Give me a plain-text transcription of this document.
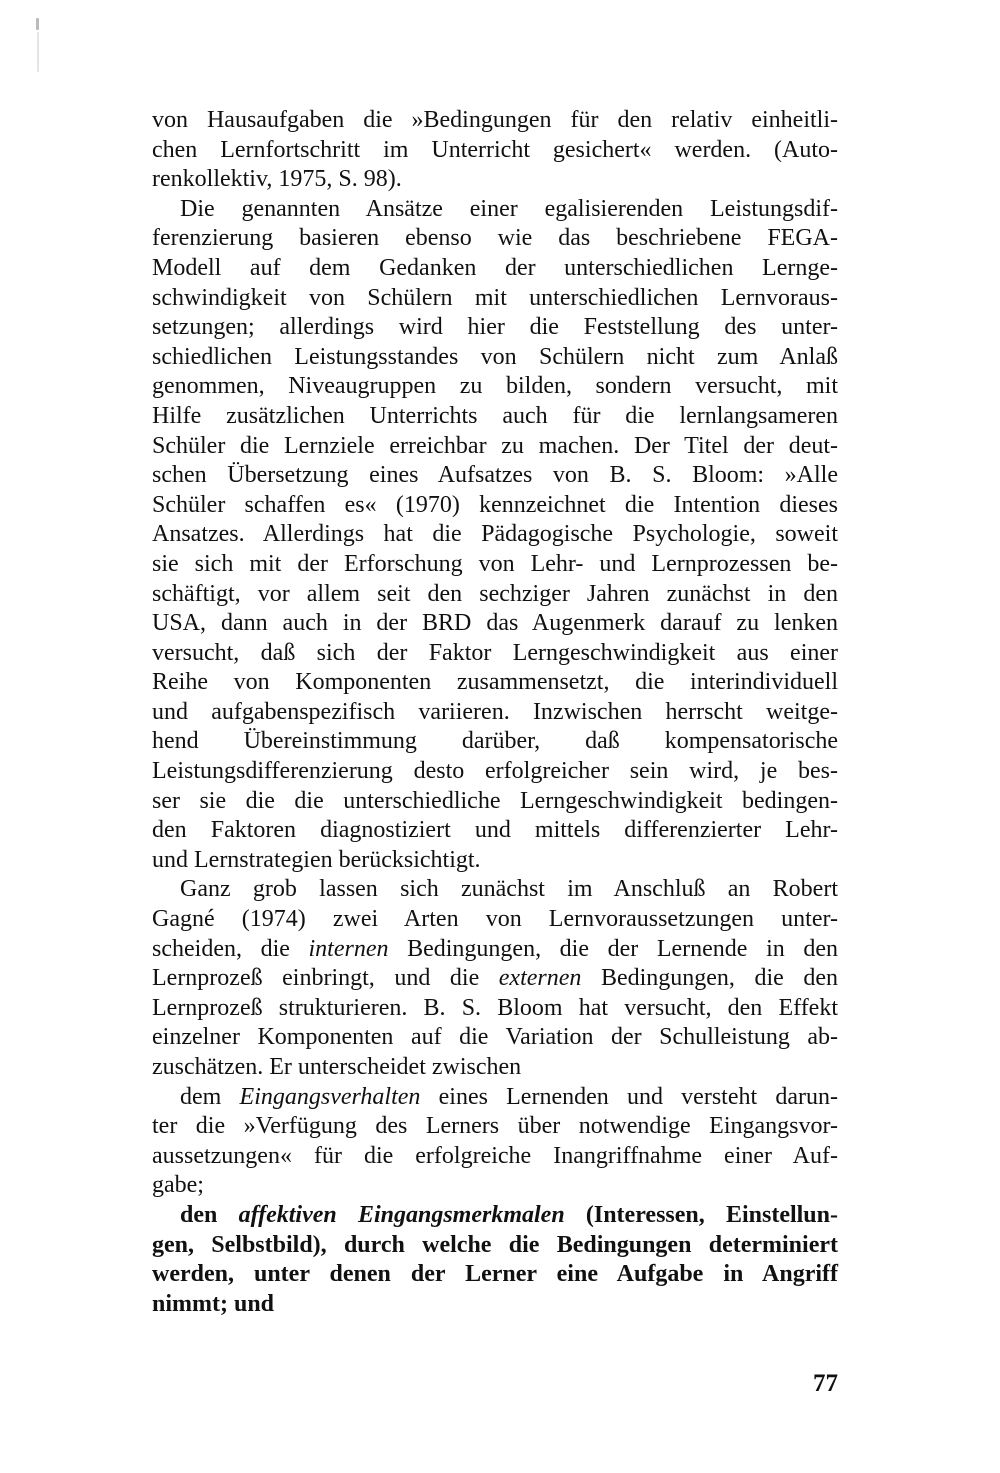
von Hausaufgaben die »Bedingungen für den relativ einheitli-
chen Lernfortschritt im Unterricht gesichert« werden. (Auto-
renkollektiv, 1975, S. 98).
Die genannten Ansätze einer egalisierenden Leistungsdif-
ferenzierung basieren ebenso wie das beschriebene FEGA-
Modell auf dem Gedanken der unterschiedlichen Lernge-
schwindigkeit von Schülern mit unterschiedlichen Lernvoraus-
setzungen; allerdings wird hier die Feststellung des unter-
schiedlichen Leistungsstandes von Schülern nicht zum Anlaß
genommen, Niveaugruppen zu bilden, sondern versucht, mit
Hilfe zusätzlichen Unterrichts auch für die lernlangsameren
Schüler die Lernziele erreichbar zu machen. Der Titel der deut-
schen Übersetzung eines Aufsatzes von B. S. Bloom: »Alle
Schüler schaffen es« (1970) kennzeichnet die Intention dieses
Ansatzes. Allerdings hat die Pädagogische Psychologie, soweit
sie sich mit der Erforschung von Lehr- und Lernprozessen be-
schäftigt, vor allem seit den sechziger Jahren zunächst in den
USA, dann auch in der BRD das Augenmerk darauf zu lenken
versucht, daß sich der Faktor Lerngeschwindigkeit aus einer
Reihe von Komponenten zusammensetzt, die interindividuell
und aufgabenspezifisch variieren. Inzwischen herrscht weitge-
hend Übereinstimmung darüber, daß kompensatorische
Leistungsdifferenzierung desto erfolgreicher sein wird, je bes-
ser sie die die unterschiedliche Lerngeschwindigkeit bedingen-
den Faktoren diagnostiziert und mittels differenzierter Lehr-
und Lernstrategien berücksichtigt.
Ganz grob lassen sich zunächst im Anschluß an Robert
Gagné (1974) zwei Arten von Lernvoraussetzungen unter-
scheiden, die internen Bedingungen, die der Lernende in den
Lernprozeß einbringt, und die externen Bedingungen, die den
Lernprozeß strukturieren. B. S. Bloom hat versucht, den Effekt
einzelner Komponenten auf die Variation der Schulleistung ab-
zuschätzen. Er unterscheidet zwischen
dem Eingangsverhalten eines Lernenden und versteht darun-
ter die »Verfügung des Lerners über notwendige Eingangsvor-
aussetzungen« für die erfolgreiche Inangriffnahme einer Auf-
gabe;
den affektiven Eingangsmerkmalen (Interessen, Einstellun-
gen, Selbstbild), durch welche die Bedingungen determiniert
werden, unter denen der Lerner eine Aufgabe in Angriff
nimmt; und
77
